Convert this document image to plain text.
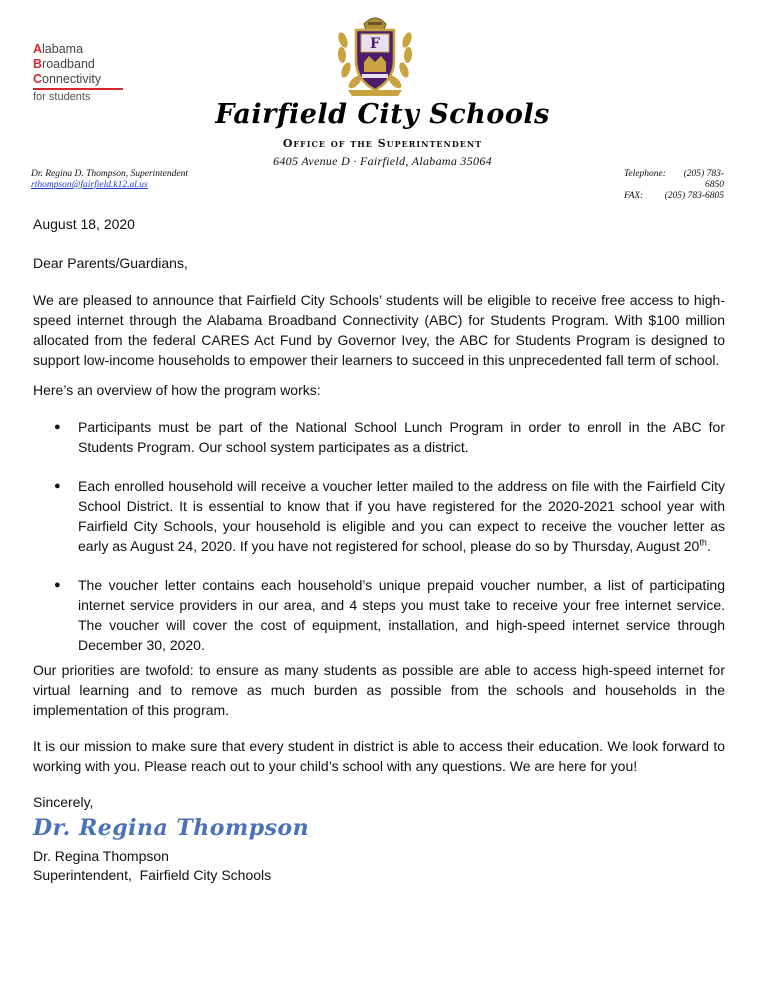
Alabama
Broadband
Connectivity
for students
F
Fairfield City Schools
Office of the Superintendent
6405 Avenue D · Fairfield, Alabama 35064
Dr. Regina D. Thompson, Superintendent
rthompson@fairfield.k12.al.us
Telephone:	(205) 783-6850
FAX: (205) 783-6805
August 18, 2020
Dear Parents/Guardians,
We are pleased to announce that Fairfield City Schools’ students will be eligible to receive free access to high-speed internet through the Alabama Broadband Connectivity (ABC) for Students Program. With $100 million allocated from the federal CARES Act Fund by Governor Ivey, the ABC for Students Program is designed to support low-income households to empower their learners to succeed in this unprecedented fall term of school.
Here’s an overview of how the program works:
● Participants must be part of the National School Lunch Program in order to enroll in the ABC for Students Program. Our school system participates as a district.
● Each enrolled household will receive a voucher letter mailed to the address on file with the Fairfield City School District. It is essential to know that if you have registered for the 2020-2021 school year with Fairfield City Schools, your household is eligible and you can expect to receive the voucher letter as early as August 24, 2020. If you have not registered for school, please do so by Thursday, August 20th.
● The voucher letter contains each household’s unique prepaid voucher number, a list of participating internet service providers in our area, and 4 steps you must take to receive your free internet service. The voucher will cover the cost of equipment, installation, and high-speed internet service through December 30, 2020.
Our priorities are twofold: to ensure as many students as possible are able to access high-speed internet for virtual learning and to remove as much burden as possible from the schools and households in the implementation of this program.
It is our mission to make sure that every student in district is able to access their education. We look forward to working with you. Please reach out to your child’s school with any questions. We are here for you!
Sincerely,
Dr. Regina Thompson
Dr. Regina Thompson
Superintendent,  Fairfield City Schools
